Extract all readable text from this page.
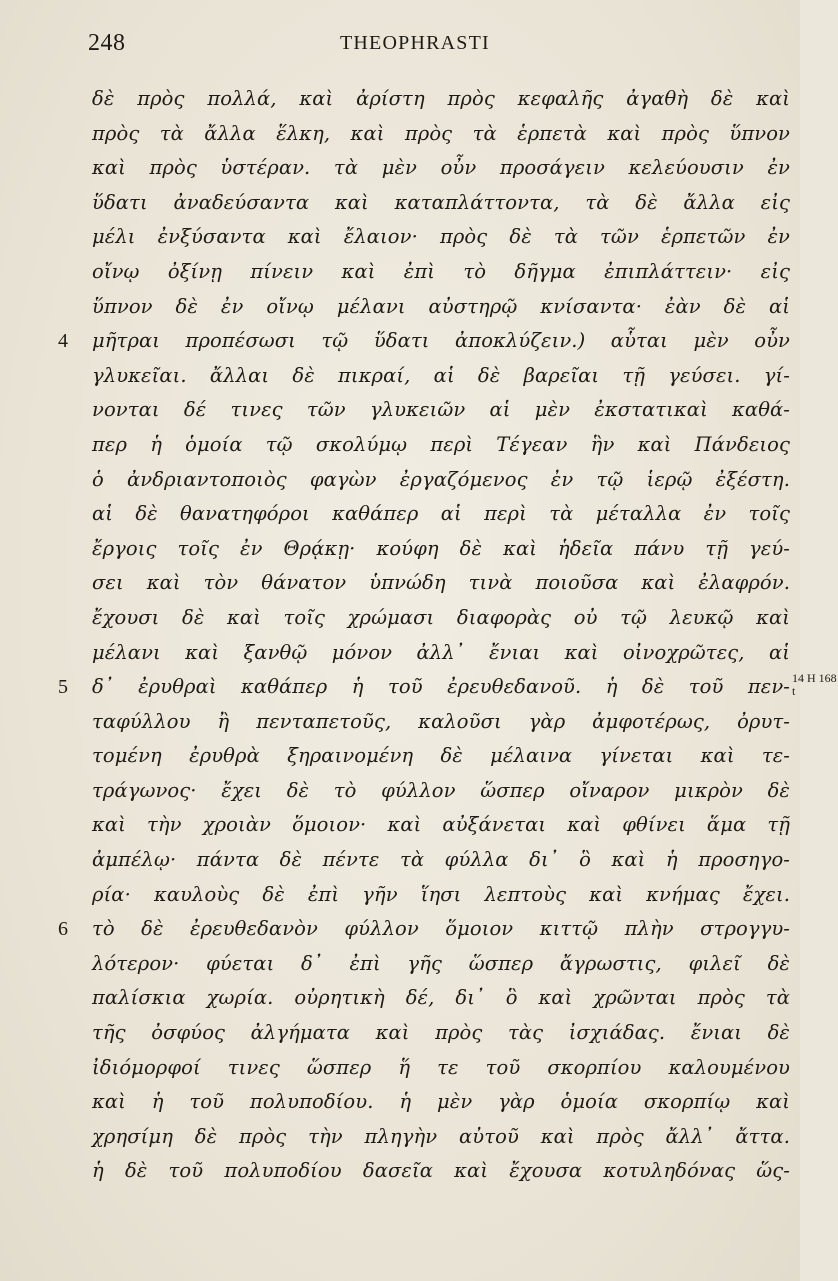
248	THEOPHRASTI
δὲ πρὸς πολλά, καὶ ἀρίστη πρὸς κεφαλῆς ἀγαθὴ δὲ καὶ
πρὸς τὰ ἄλλα ἕλκη, καὶ πρὸς τὰ ἑρπετὰ καὶ πρὸς ὕπνον
καὶ πρὸς ὑστέραν. τὰ μὲν οὖν προσάγειν κελεύουσιν ἐν
ὕδατι ἀναδεύσαντα καὶ καταπλάττοντα, τὰ δὲ ἄλλα εἰς
μέλι ἐνξύσαντα καὶ ἔλαιον· πρὸς δὲ τὰ τῶν ἑρπετῶν ἐν
οἴνῳ ὀξίνῃ πίνειν καὶ ἐπὶ τὸ δῆγμα ἐπιπλάττειν· εἰς
ὕπνον δὲ ἐν οἴνῳ μέλανι αὐστηρῷ κνίσαντα· ἐὰν δὲ αἱ
4	μῆτραι προπέσωσι τῷ ὕδατι ἀποκλύζειν.) αὗται μὲν οὖν
γλυκεῖαι. ἄλλαι δὲ πικραί, αἱ δὲ βαρεῖαι τῇ γεύσει. γί-
νονται δέ τινες τῶν γλυκειῶν αἱ μὲν ἐκστατικαὶ καθά-
περ ἡ ὁμοία τῷ σκολύμῳ περὶ Τέγεαν ἣν καὶ Πάνδειος
ὁ ἀνδριαντοποιὸς φαγὼν ἐργαζόμενος ἐν τῷ ἱερῷ ἐξέστη.
αἱ δὲ θανατηφόροι καθάπερ αἱ περὶ τὰ μέταλλα ἐν τοῖς
ἔργοις τοῖς ἐν Θρᾴκῃ· κούφη δὲ καὶ ἡδεῖα πάνυ τῇ γεύ-
σει καὶ τὸν θάνατον ὑπνώδη τινὰ ποιοῦσα καὶ ἐλαφρόν.
ἔχουσι δὲ καὶ τοῖς χρώμασι διαφορὰς οὐ τῷ λευκῷ καὶ
μέλανι καὶ ξανθῷ μόνον ἀλλ᾽ ἔνιαι καὶ οἰνοχρῶτες, αἱ
5	δ᾽ ἐρυθραὶ καθάπερ ἡ τοῦ ἐρευθεδανοῦ. ἡ δὲ τοῦ πεν- 14 H 168 t
ταφύλλου ἢ πενταπετοῦς, καλοῦσι γὰρ ἀμφοτέρως, ὀρυτ-
τομένη ἐρυθρὰ ξηραινομένη δὲ μέλαινα γίνεται καὶ τε-
τράγωνος· ἔχει δὲ τὸ φύλλον ὥσπερ οἴναρον μικρὸν δὲ
καὶ τὴν χροιὰν ὅμοιον· καὶ αὐξάνεται καὶ φθίνει ἅμα τῇ
ἀμπέλῳ· πάντα δὲ πέντε τὰ φύλλα δι᾽ ὃ καὶ ἡ προσηγο-
ρία· καυλοὺς δὲ ἐπὶ γῆν ἵησι λεπτοὺς καὶ κνήμας ἔχει.
6	τὸ δὲ ἐρευθεδανὸν φύλλον ὅμοιον κιττῷ πλὴν στρογγυ-
λότερον· φύεται δ᾽ ἐπὶ γῆς ὥσπερ ἄγρωστις, φιλεῖ δὲ
παλίσκια χωρία. οὐρητικὴ δέ, δι᾽ ὃ καὶ χρῶνται πρὸς τὰ
τῆς ὀσφύος ἀλγήματα καὶ πρὸς τὰς ἰσχιάδας. ἔνιαι δὲ
ἰδιόμορφοί τινες ὥσπερ ἥ τε τοῦ σκορπίου καλουμένου
καὶ ἡ τοῦ πολυποδίου. ἡ μὲν γὰρ ὁμοία σκορπίῳ καὶ
χρησίμη δὲ πρὸς τὴν πληγὴν αὐτοῦ καὶ πρὸς ἄλλ᾽ ἄττα.
ἡ δὲ τοῦ πολυποδίου δασεῖα καὶ ἔχουσα κοτυληδόνας ὥς-
